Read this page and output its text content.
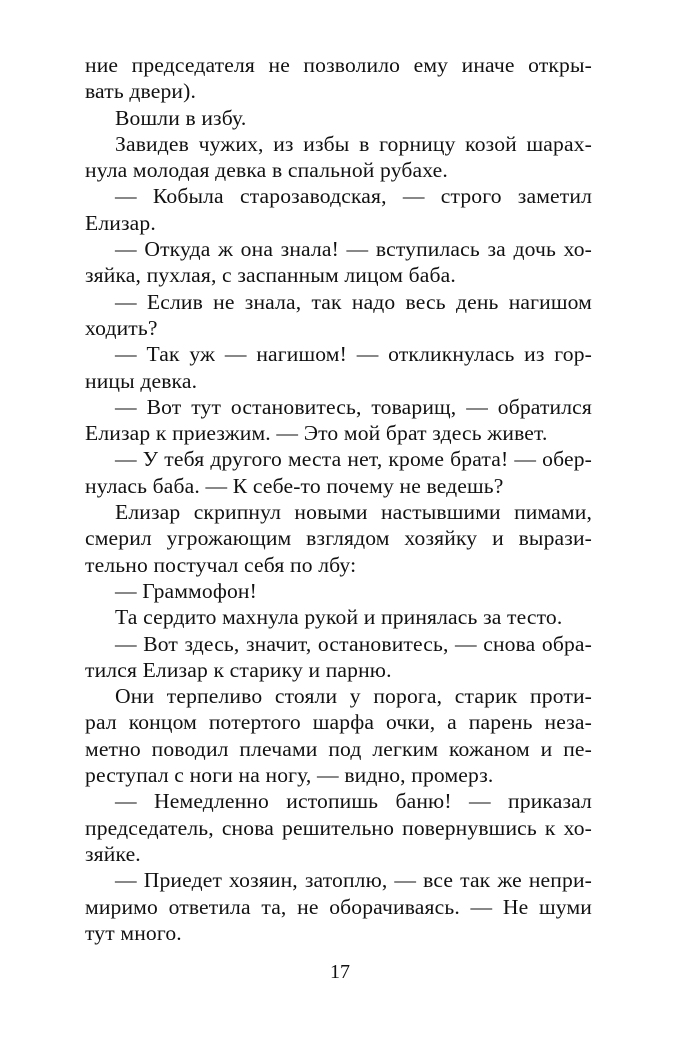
ние председателя не позволило ему иначе откры-
вать двери).
Вошли в избу.
Завидев чужих, из избы в горницу козой шарах-
нула молодая девка в спальной рубахе.
— Кобыла старозаводская, — строго заметил
Елизар.
— Откуда ж она знала! — вступилась за дочь хо-
зяйка, пухлая, с заспанным лицом баба.
— Еслив не знала, так надо весь день нагишом
ходить?
— Так уж — нагишом! — откликнулась из гор-
ницы девка.
— Вот тут остановитесь, товарищ, — обратился
Елизар к приезжим. — Это мой брат здесь живет.
— У тебя другого места нет, кроме брата! — обер-
нулась баба. — К себе-то почему не ведешь?
Елизар скрипнул новыми настывшими пимами,
смерил угрожающим взглядом хозяйку и вырази-
тельно постучал себя по лбу:
— Граммофон!
Та сердито махнула рукой и принялась за тесто.
— Вот здесь, значит, остановитесь, — снова обра-
тился Елизар к старику и парню.
Они терпеливо стояли у порога, старик проти-
рал концом потертого шарфа очки, а парень неза-
метно поводил плечами под легким кожаном и пе-
реступал с ноги на ногу, — видно, промерз.
— Немедленно истопишь баню! — приказал
председатель, снова решительно повернувшись к хо-
зяйке.
— Приедет хозяин, затоплю, — все так же непри-
миримо ответила та, не оборачиваясь. — Не шуми
тут много.
17
